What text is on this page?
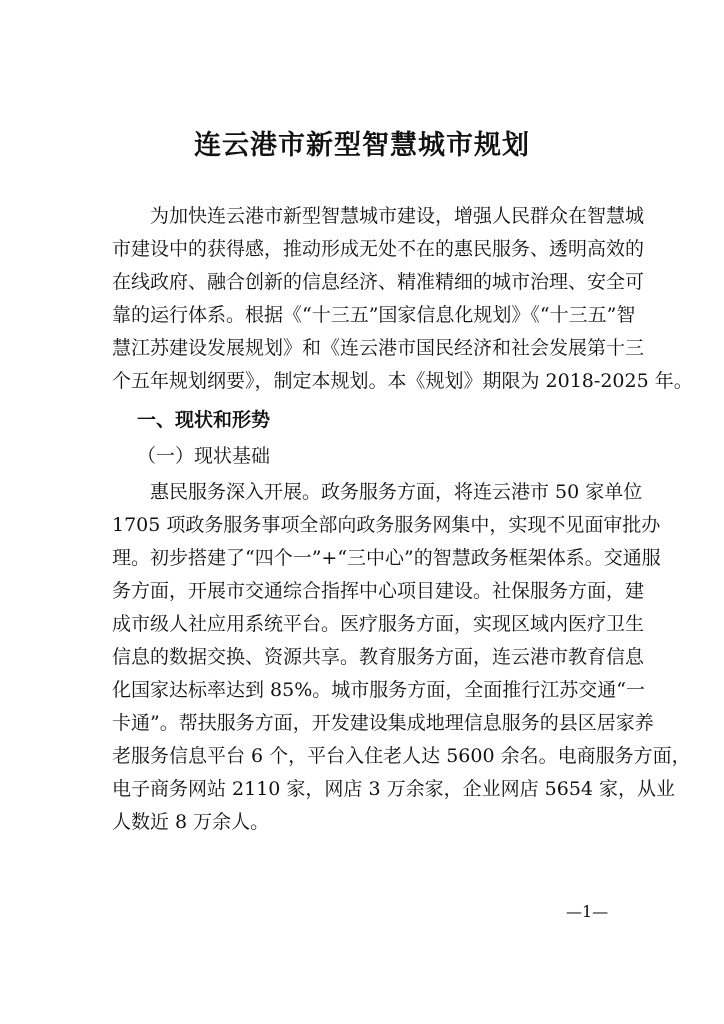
连云港市新型智慧城市规划
为加快连云港市新型智慧城市建设，增强人民群众在智慧城
市建设中的获得感，推动形成无处不在的惠民服务、透明高效的
在线政府、融合创新的信息经济、精准精细的城市治理、安全可
靠的运行体系。根据《“十三五”国家信息化规划》《“十三五”智
慧江苏建设发展规划》和《连云港市国民经济和社会发展第十三
个五年规划纲要》，制定本规划。本《规划》期限为 2018-2025 年。
一、现状和形势
（一）现状基础
惠民服务深入开展。政务服务方面，将连云港市 50 家单位
1705 项政务服务事项全部向政务服务网集中，实现不见面审批办
理。初步搭建了“四个一”+“三中心”的智慧政务框架体系。交通服
务方面，开展市交通综合指挥中心项目建设。社保服务方面，建
成市级人社应用系统平台。医疗服务方面，实现区域内医疗卫生
信息的数据交换、资源共享。教育服务方面，连云港市教育信息
化国家达标率达到 85%。城市服务方面，全面推行江苏交通“一
卡通”。帮扶服务方面，开发建设集成地理信息服务的县区居家养
老服务信息平台 6 个，平台入住老人达 5600 余名。电商服务方面，
电子商务网站 2110 家，网店 3 万余家，企业网店 5654 家，从业
人数近 8 万余人。
—1—
